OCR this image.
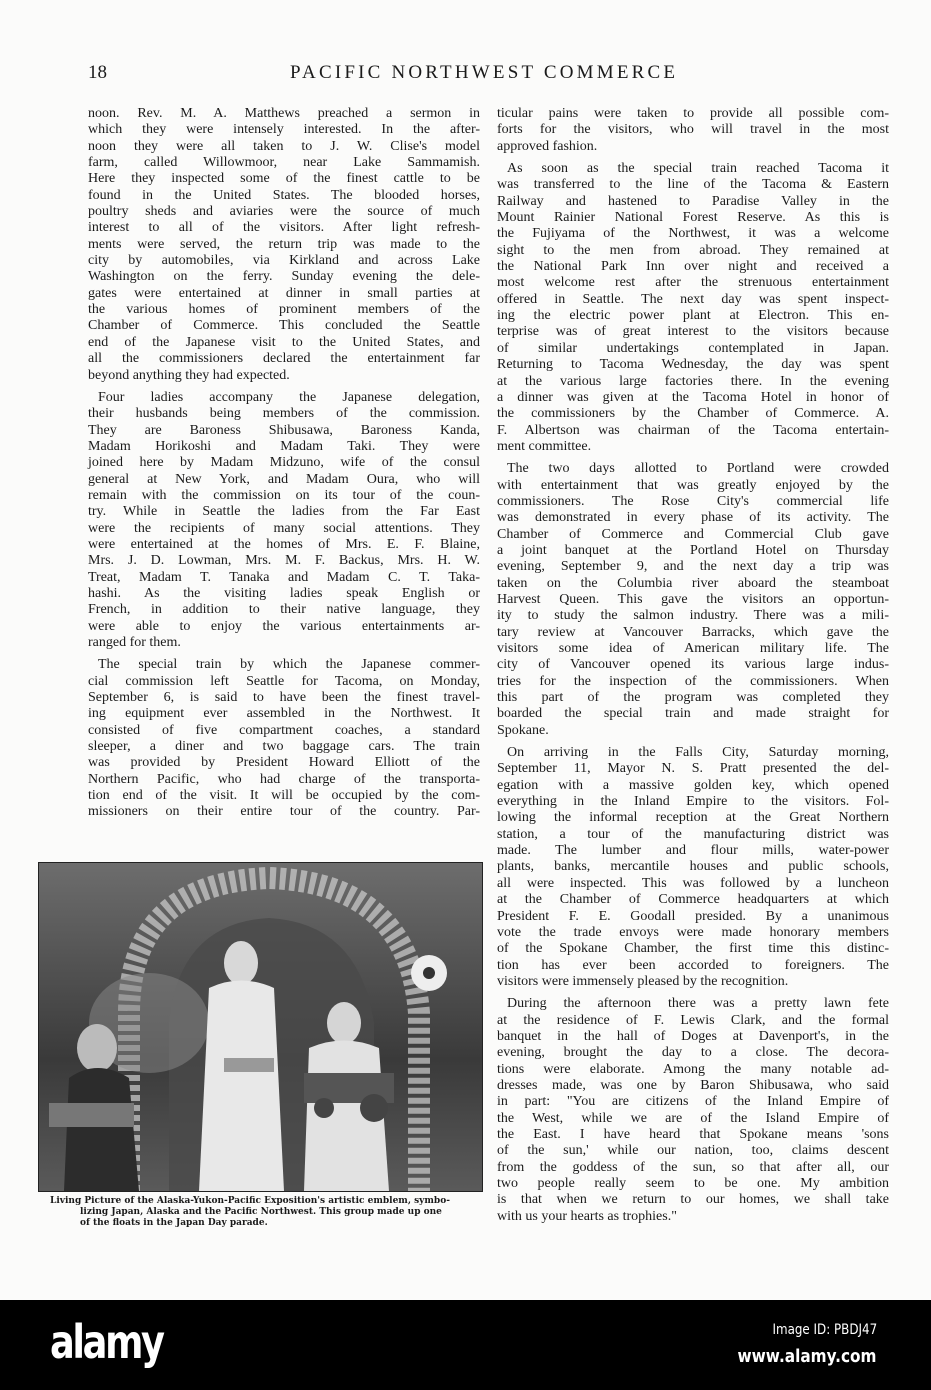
18	PACIFIC NORTHWEST COMMERCE
noon. Rev. M. A. Matthews preached a sermon in
which they were intensely interested. In the after-
noon they were all taken to J. W. Clise's model
farm, called Willowmoor, near Lake Sammamish.
Here they inspected some of the finest cattle to be
found in the United States. The blooded horses,
poultry sheds and aviaries were the source of much
interest to all of the visitors. After light refresh-
ments were served, the return trip was made to the
city by automobiles, via Kirkland and across Lake
Washington on the ferry. Sunday evening the dele-
gates were entertained at dinner in small parties at
the various homes of prominent members of the
Chamber of Commerce. This concluded the Seattle
end of the Japanese visit to the United States, and
all the commissioners declared the entertainment far
beyond anything they had expected.
Four ladies accompany the Japanese delegation,
their husbands being members of the commission.
They are Baroness Shibusawa, Baroness Kanda,
Madam Horikoshi and Madam Taki. They were
joined here by Madam Midzuno, wife of the consul
general at New York, and Madam Oura, who will
remain with the commission on its tour of the coun-
try. While in Seattle the ladies from the Far East
were the recipients of many social attentions. They
were entertained at the homes of Mrs. E. F. Blaine,
Mrs. J. D. Lowman, Mrs. M. F. Backus, Mrs. H. W.
Treat, Madam T. Tanaka and Madam C. T. Taka-
hashi. As the visiting ladies speak English or
French, in addition to their native language, they
were able to enjoy the various entertainments ar-
ranged for them.
The special train by which the Japanese commer-
cial commission left Seattle for Tacoma, on Monday,
September 6, is said to have been the finest travel-
ing equipment ever assembled in the Northwest. It
consisted of five compartment coaches, a standard
sleeper, a diner and two baggage cars. The train
was provided by President Howard Elliott of the
Northern Pacific, who had charge of the transporta-
tion end of the visit. It will be occupied by the com-
missioners on their entire tour of the country. Par-
ticular pains were taken to provide all possible com-
forts for the visitors, who will travel in the most
approved fashion.
As soon as the special train reached Tacoma it
was transferred to the line of the Tacoma & Eastern
Railway and hastened to Paradise Valley in the
Mount Rainier National Forest Reserve. As this is
the Fujiyama of the Northwest, it was a welcome
sight to the men from abroad. They remained at
the National Park Inn over night and received a
most welcome rest after the strenuous entertainment
offered in Seattle. The next day was spent inspect-
ing the electric power plant at Electron. This en-
terprise was of great interest to the visitors because
of similar undertakings contemplated in Japan.
Returning to Tacoma Wednesday, the day was spent
at the various large factories there. In the evening
a dinner was given at the Tacoma Hotel in honor of
the commissioners by the Chamber of Commerce. A.
F. Albertson was chairman of the Tacoma entertain-
ment committee.
The two days allotted to Portland were crowded
with entertainment that was greatly enjoyed by the
commissioners. The Rose City's commercial life
was demonstrated in every phase of its activity. The
Chamber of Commerce and Commercial Club gave
a joint banquet at the Portland Hotel on Thursday
evening, September 9, and the next day a trip was
taken on the Columbia river aboard the steamboat
Harvest Queen. This gave the visitors an opportun-
ity to study the salmon industry. There was a mili-
tary review at Vancouver Barracks, which gave the
visitors some idea of American military life. The
city of Vancouver opened its various large indus-
tries for the inspection of the commissioners. When
this part of the program was completed they
boarded the special train and made straight for
Spokane.
On arriving in the Falls City, Saturday morning,
September 11, Mayor N. S. Pratt presented the del-
egation with a massive golden key, which opened
everything in the Inland Empire to the visitors. Fol-
lowing the informal reception at the Great Northern
station, a tour of the manufacturing district was
made. The lumber and flour mills, water-power
plants, banks, mercantile houses and public schools,
all were inspected. This was followed by a luncheon
at the Chamber of Commerce headquarters at which
President F. E. Goodall presided. By a unanimous
vote the trade envoys were made honorary members
of the Spokane Chamber, the first time this distinc-
tion has ever been accorded to foreigners. The
visitors were immensely pleased by the recognition.
During the afternoon there was a pretty lawn fete
at the residence of F. Lewis Clark, and the formal
banquet in the hall of Doges at Davenport's, in the
evening, brought the day to a close. The decora-
tions were elaborate. Among the many notable ad-
dresses made, was one by Baron Shibusawa, who said
in part: "You are citizens of the Inland Empire of
the West, while we are of the Island Empire of
the East. I have heard that Spokane means 'sons
of the sun,' while our nation, too, claims descent
from the goddess of the sun, so that after all, our
two people really seem to be one. My ambition
is that when we return to our homes, we shall take
with us your hearts as trophies."
Living Picture of the Alaska-Yukon-Pacific Exposition's artistic emblem, symbo-
lizing Japan, Alaska and the Pacific Northwest. This group made up one
of the floats in the Japan Day parade.
alamy	Image ID: PBDJ47
www.alamy.com
